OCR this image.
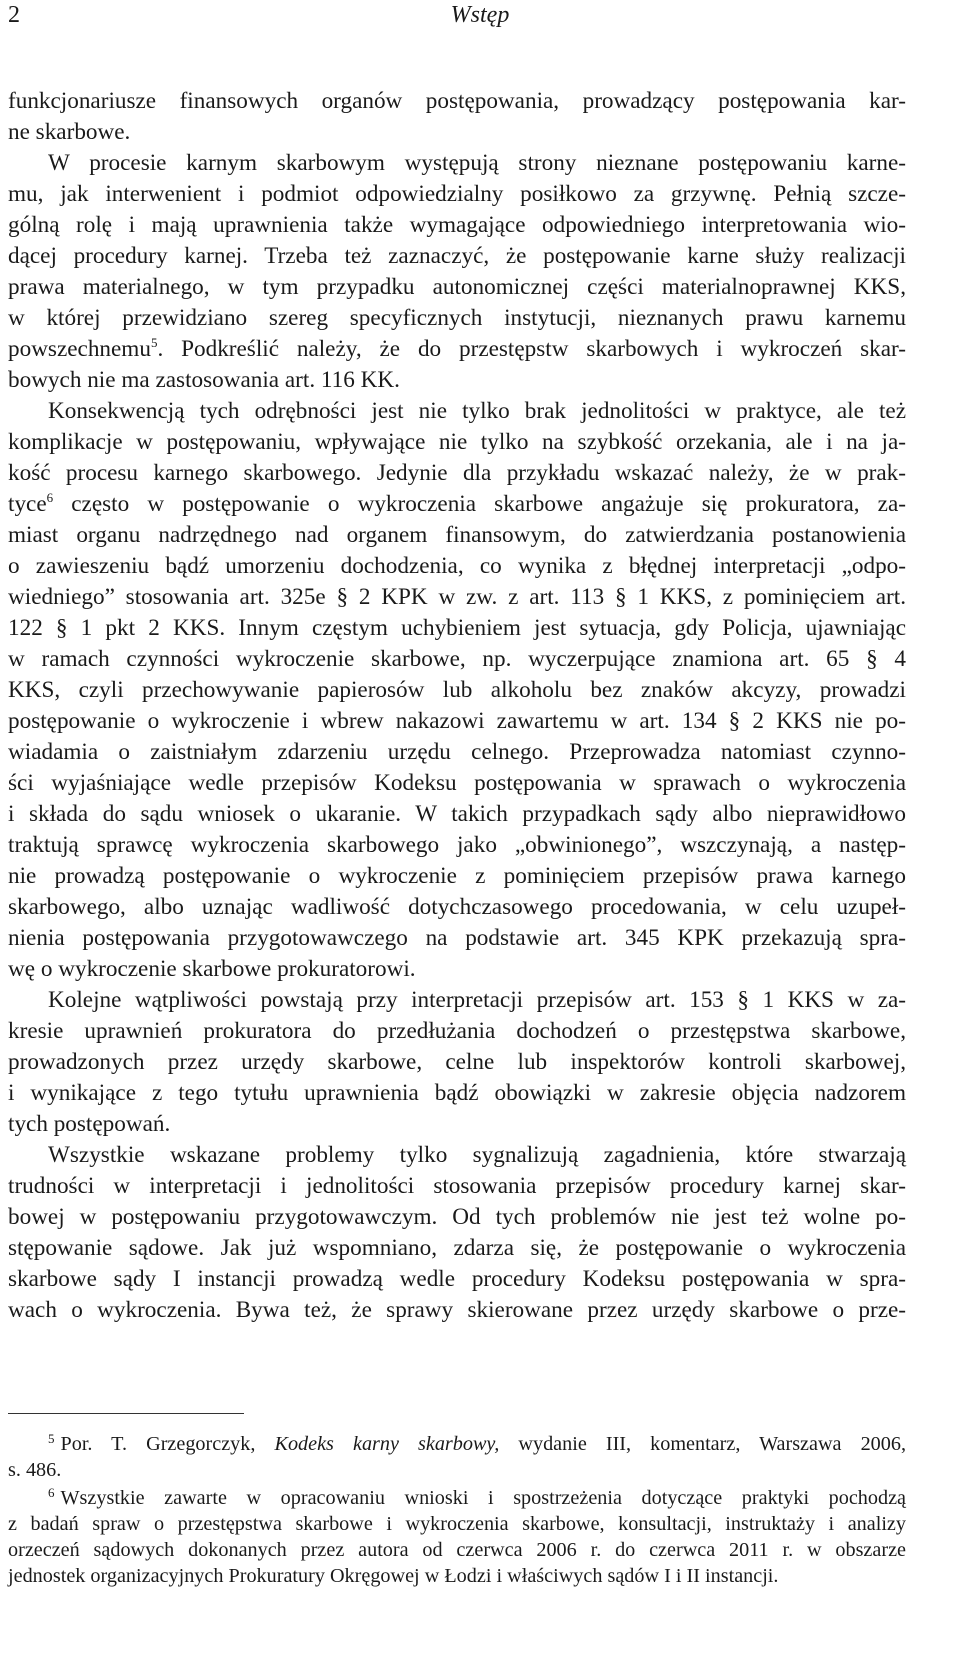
2	Wstęp
funkcjonariusze finansowych organów postępowania, prowadzący postępowania kar-
ne skarbowe.
W procesie karnym skarbowym występują strony nieznane postępowaniu karne-
mu, jak interwenient i podmiot odpowiedzialny posiłkowo za grzywnę. Pełnią szcze-
gólną rolę i mają uprawnienia także wymagające odpowiedniego interpretowania wio-
dącej procedury karnej. Trzeba też zaznaczyć, że postępowanie karne służy realizacji
prawa materialnego, w tym przypadku autonomicznej części materialnoprawnej KKS,
w której przewidziano szereg specyficznych instytucji, nieznanych prawu karnemu
powszechnemu$^5$. Podkreślić należy, że do przestępstw skarbowych i wykroczeń skar-
bowych nie ma zastosowania art. 116 KK.
Konsekwencją tych odrębności jest nie tylko brak jednolitości w praktyce, ale też
komplikacje w postępowaniu, wpływające nie tylko na szybkość orzekania, ale i na ja-
kość procesu karnego skarbowego. Jedynie dla przykładu wskazać należy, że w prak-
tyce$^6$ często w postępowanie o wykroczenia skarbowe angażuje się prokuratora, za-
miast organu nadrzędnego nad organem finansowym, do zatwierdzania postanowienia
o zawieszeniu bądź umorzeniu dochodzenia, co wynika z błędnej interpretacji „odpo-
wiedniego” stosowania art. 325e § 2 KPK w zw. z art. 113 § 1 KKS, z pominięciem art.
122 § 1 pkt 2 KKS. Innym częstym uchybieniem jest sytuacja, gdy Policja, ujawniając
w ramach czynności wykroczenie skarbowe, np. wyczerpujące znamiona art. 65 § 4
KKS, czyli przechowywanie papierosów lub alkoholu bez znaków akcyzy, prowadzi
postępowanie o wykroczenie i wbrew nakazowi zawartemu w art. 134 § 2 KKS nie po-
wiadamia o zaistniałym zdarzeniu urzędu celnego. Przeprowadza natomiast czynno-
ści wyjaśniające wedle przepisów Kodeksu postępowania w sprawach o wykroczenia
i składa do sądu wniosek o ukaranie. W takich przypadkach sądy albo nieprawidłowo
traktują sprawcę wykroczenia skarbowego jako „obwinionego”, wszczynają, a następ-
nie prowadzą postępowanie o wykroczenie z pominięciem przepisów prawa karnego
skarbowego, albo uznając wadliwość dotychczasowego procedowania, w celu uzupeł-
nienia postępowania przygotowawczego na podstawie art. 345 KPK przekazują spra-
wę o wykroczenie skarbowe prokuratorowi.
Kolejne wątpliwości powstają przy interpretacji przepisów art. 153 § 1 KKS w za-
kresie uprawnień prokuratora do przedłużania dochodzeń o przestępstwa skarbowe,
prowadzonych przez urzędy skarbowe, celne lub inspektorów kontroli skarbowej,
i wynikające z tego tytułu uprawnienia bądź obowiązki w zakresie objęcia nadzorem
tych postępowań.
Wszystkie wskazane problemy tylko sygnalizują zagadnienia, które stwarzają
trudności w interpretacji i jednolitości stosowania przepisów procedury karnej skar-
bowej w postępowaniu przygotowawczym. Od tych problemów nie jest też wolne po-
stępowanie sądowe. Jak już wspomniano, zdarza się, że postępowanie o wykroczenia
skarbowe sądy I instancji prowadzą wedle procedury Kodeksu postępowania w spra-
wach o wykroczenia. Bywa też, że sprawy skierowane przez urzędy skarbowe o prze-
$^5$ Por. T. Grzegorczyk, Kodeks karny skarbowy, wydanie III, komentarz, Warszawa 2006,
s. 486.
$^6$ Wszystkie zawarte w opracowaniu wnioski i spostrzeżenia dotyczące praktyki pochodzą
z badań spraw o przestępstwa skarbowe i wykroczenia skarbowe, konsultacji, instruktaży i analizy
orzeczeń sądowych dokonanych przez autora od czerwca 2006 r. do czerwca 2011 r. w obszarze
jednostek organizacyjnych Prokuratury Okręgowej w Łodzi i właściwych sądów I i II instancji.
